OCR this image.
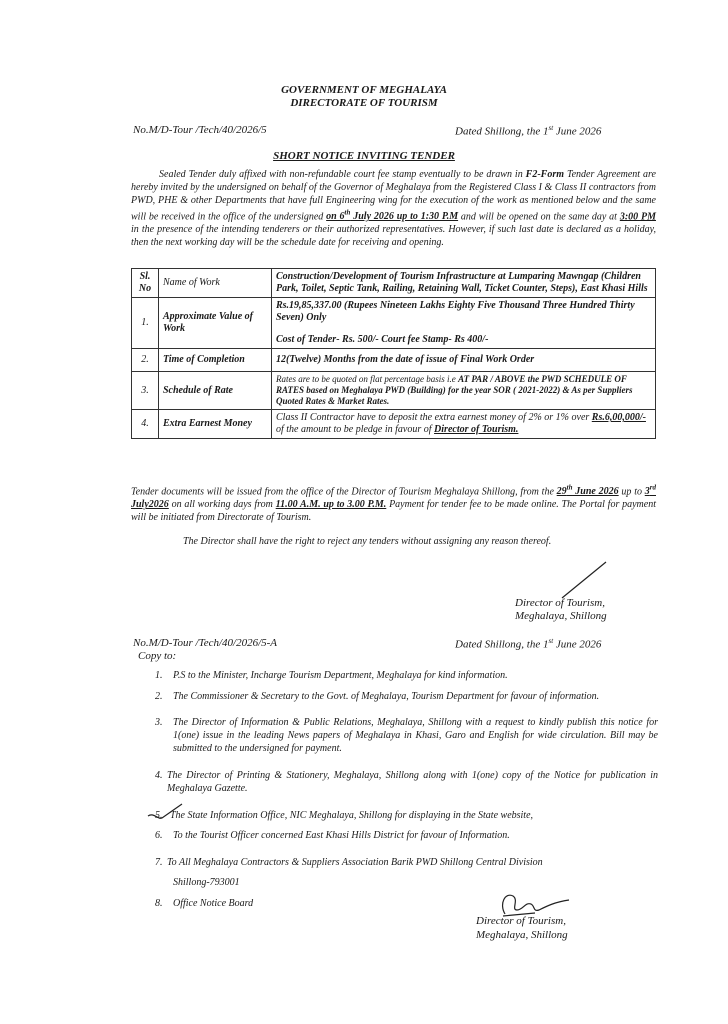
GOVERNMENT OF MEGHALAYA
DIRECTORATE OF TOURISM
No.M/D-Tour /Tech/40/2026/5	Dated Shillong, the 1st June 2026
SHORT NOTICE INVITING TENDER
Sealed Tender duly affixed with non-refundable court fee stamp eventually to be drawn in F2-Form Tender Agreement are hereby invited by the undersigned on behalf of the Governor of Meghalaya from the Registered Class I & Class II contractors from PWD, PHE & other Departments that have full Engineering wing for the execution of the work as mentioned below and the same will be received in the office of the undersigned on 6th July 2026 up to 1:30 P.M and will be opened on the same day at 3:00 PM in the presence of the intending tenderers or their authorized representatives. However, if such last date is declared as a holiday, then the next working day will be the schedule date for receiving and opening.
Sl. No	Name of Work	Construction/Development of Tourism Infrastructure at Lumparing Mawngap (Children Park, Toilet, Septic Tank, Railing, Retaining Wall, Ticket Counter, Steps), East Khasi Hills
1.	Approximate Value of Work	Rs.19,85,337.00 (Rupees Nineteen Lakhs Eighty Five Thousand Three Hundred Thirty Seven) Only
Cost of Tender- Rs. 500/- Court fee Stamp- Rs 400/-

2.	Time of Completion	12(Twelve) Months from the date of issue of Final Work Order
3.	Schedule of Rate	Rates are to be quoted on flat percentage basis i.e AT PAR / ABOVE the PWD SCHEDULE OF RATES based on Meghalaya PWD (Building) for the year SOR ( 2021-2022) & As per Suppliers Quoted Rates & Market Rates.
4.	Extra Earnest Money	Class II Contractor have to deposit the extra earnest money of 2% or 1% over Rs.6,00,000/- of the amount to be pledge in favour of Director of Tourism.
Tender documents will be issued from the office of the Director of Tourism Meghalaya Shillong, from the 29th June 2026 up to 3rd July2026 on all working days from 11.00 A.M. up to 3.00 P.M. Payment for tender fee to be made online. The Portal for payment will be initiated from Directorate of Tourism.
The Director shall have the right to reject any tenders without assigning any reason thereof.
Director of Tourism,
Meghalaya, Shillong
No.M/D-Tour /Tech/40/2026/5-A	Dated Shillong, the 1st June 2026
Copy to:
1. P.S to the Minister, Incharge Tourism Department, Meghalaya for kind information.
2. The Commissioner & Secretary to the Govt. of Meghalaya, Tourism Department for favour of information.
3. The Director of Information & Public Relations, Meghalaya, Shillong with a request to kindly publish this notice for 1(one) issue in the leading News papers of Meghalaya in Khasi, Garo and English for wide circulation. Bill may be submitted to the undersigned for payment.
4. The Director of Printing & Stationery, Meghalaya, Shillong along with 1(one) copy of the Notice for publication in Meghalaya Gazette.
5. The State Information Office, NIC Meghalaya, Shillong for displaying in the State website,
6. To the Tourist Officer concerned East Khasi Hills District for favour of Information.
7. To All Meghalaya Contractors & Suppliers Association Barik PWD Shillong Central Division
Shillong-793001
8. Office Notice Board
Director of Tourism,
Meghalaya, Shillong
